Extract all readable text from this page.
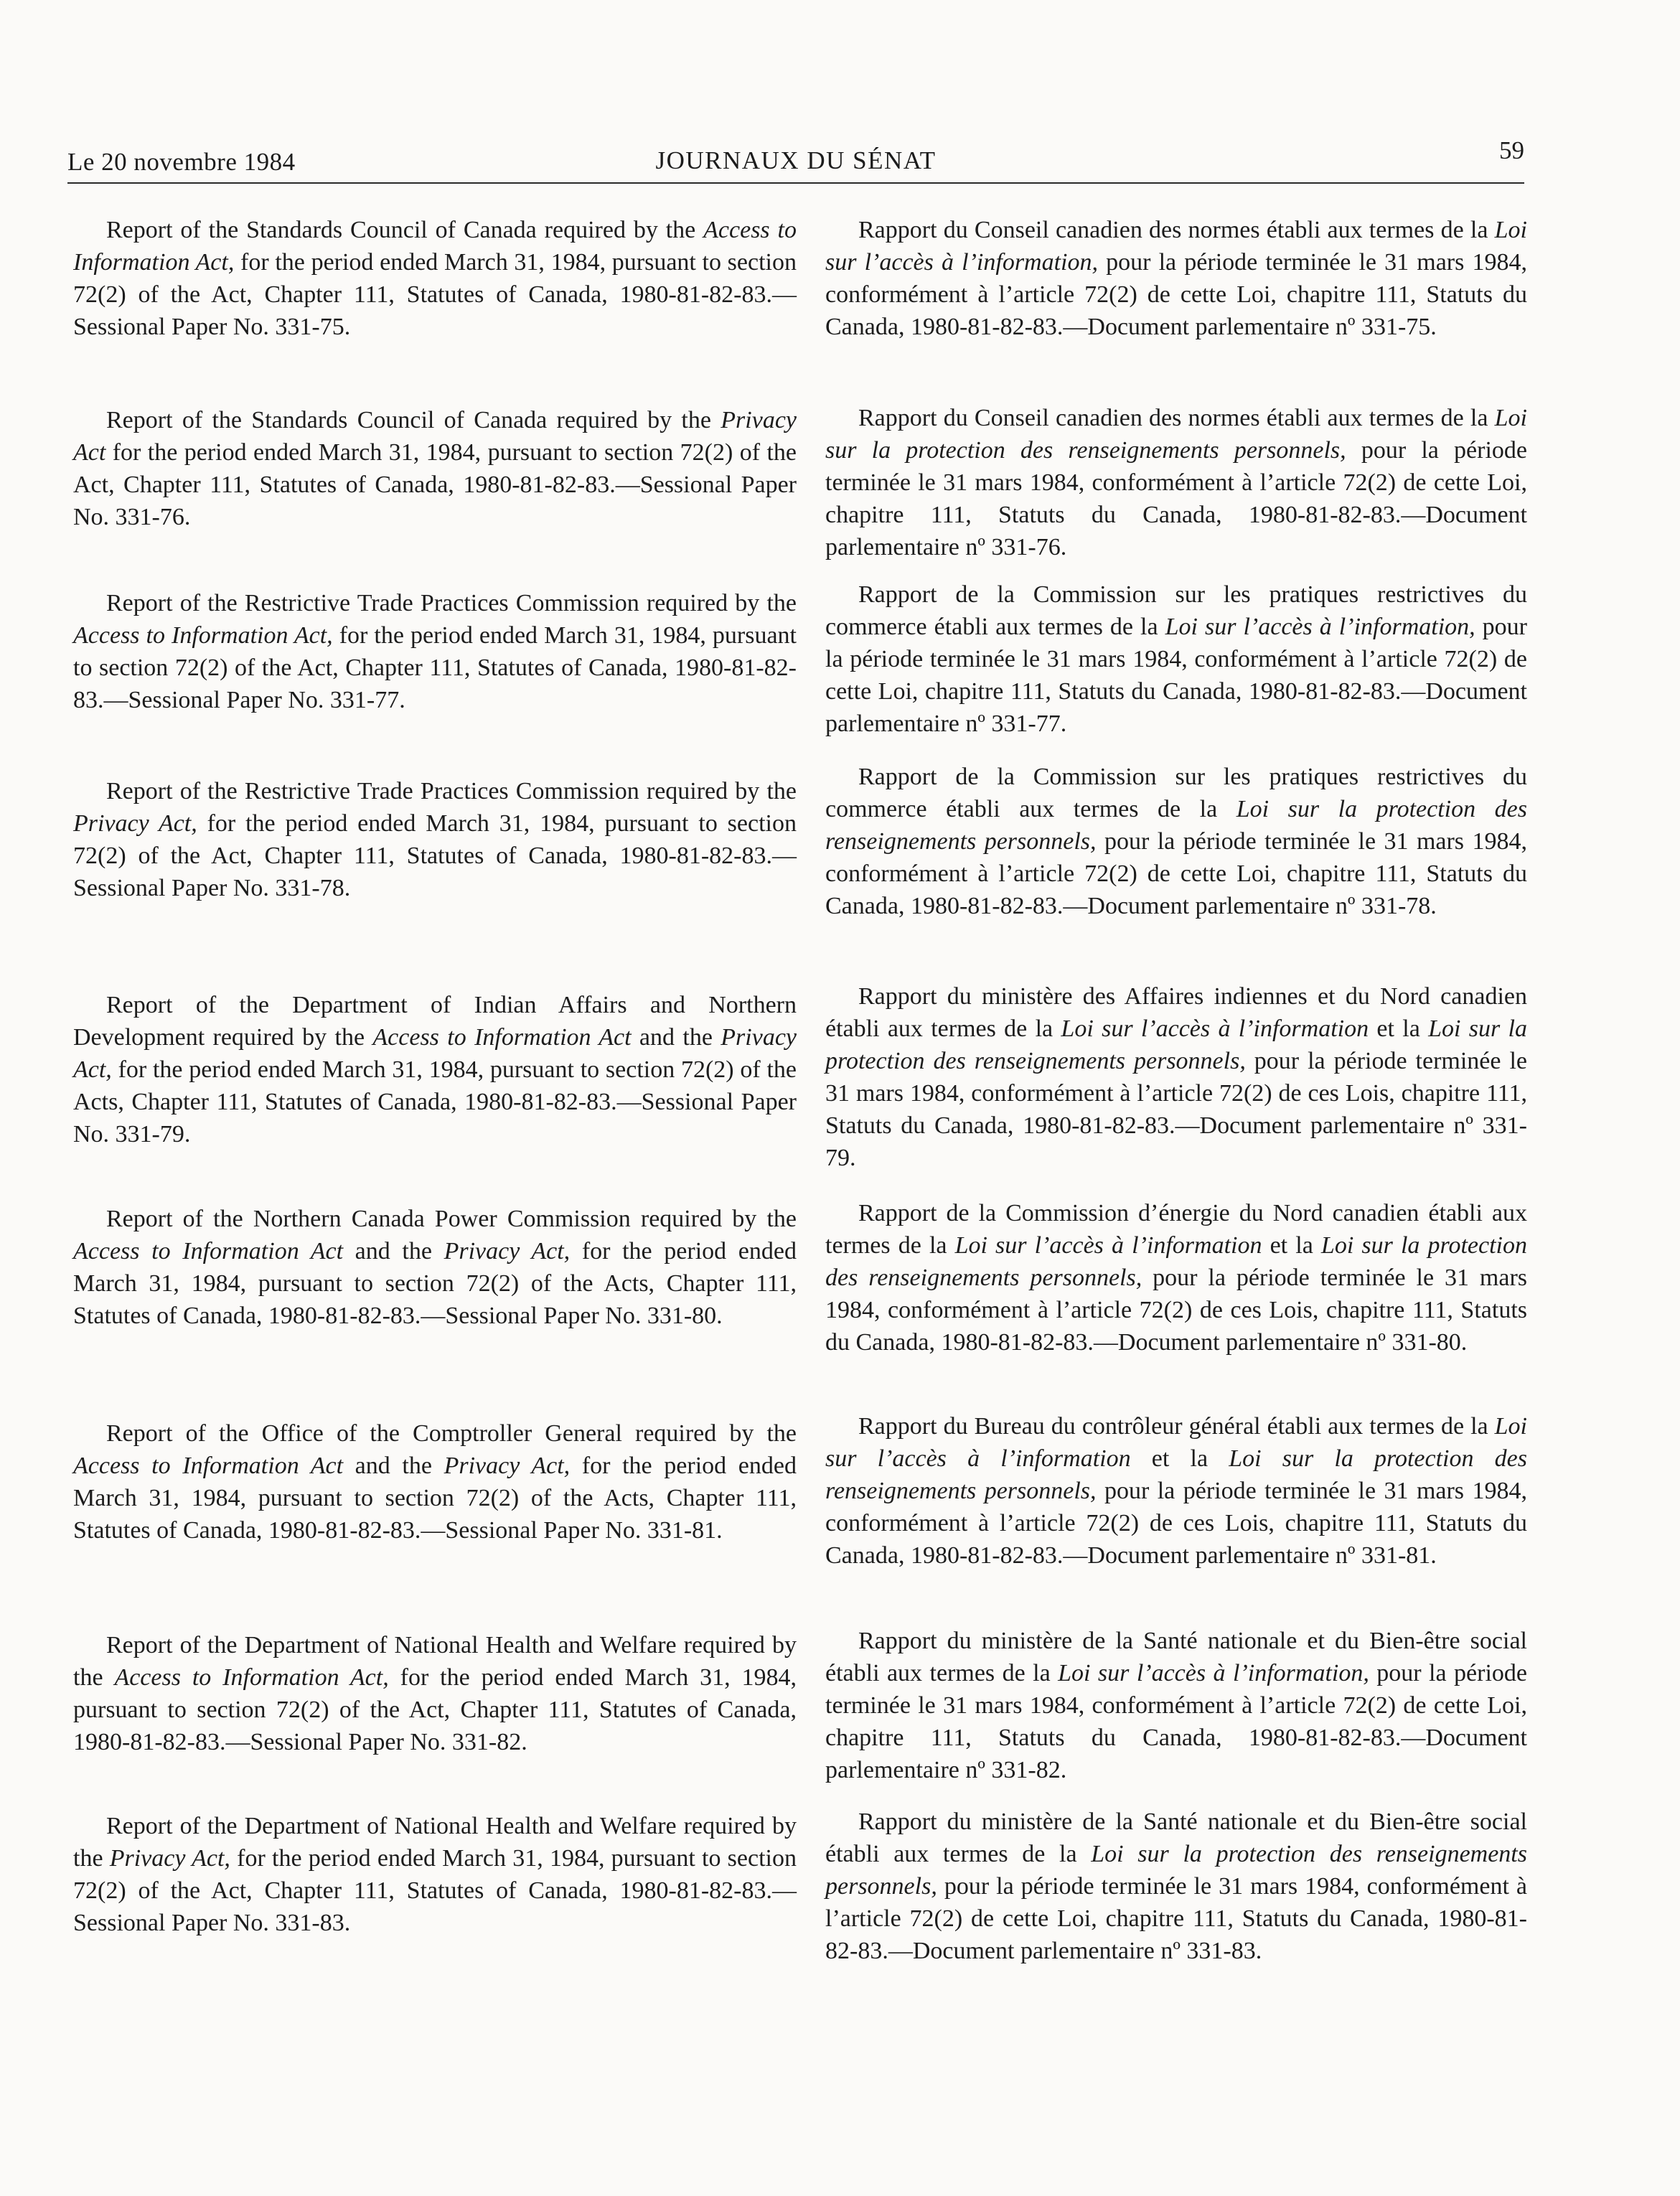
Le 20 novembre 1984	JOURNAUX DU SÉNAT	59

Report of the Standards Council of Canada required by the Access to Information Act, for the period ended March 31, 1984, pursuant to section 72(2) of the Act, Chapter 111, Statutes of Canada, 1980-81-82-83.—Sessional Paper No. 331-75.

Report of the Standards Council of Canada required by the Privacy Act for the period ended March 31, 1984, pursuant to section 72(2) of the Act, Chapter 111, Statutes of Canada, 1980-81-82-83.—Sessional Paper No. 331-76.

Report of the Restrictive Trade Practices Commission required by the Access to Information Act, for the period ended March 31, 1984, pursuant to section 72(2) of the Act, Chapter 111, Statutes of Canada, 1980-81-82-83.—Sessional Paper No. 331-77.

Report of the Restrictive Trade Practices Commission required by the Privacy Act, for the period ended March 31, 1984, pursuant to section 72(2) of the Act, Chapter 111, Statutes of Canada, 1980-81-82-83.—Sessional Paper No. 331-78.

Report of the Department of Indian Affairs and Northern Development required by the Access to Information Act and the Privacy Act, for the period ended March 31, 1984, pursuant to section 72(2) of the Acts, Chapter 111, Statutes of Canada, 1980-81-82-83.—Sessional Paper No. 331-79.

Report of the Northern Canada Power Commission required by the Access to Information Act and the Privacy Act, for the period ended March 31, 1984, pursuant to section 72(2) of the Acts, Chapter 111, Statutes of Canada, 1980-81-82-83.—Sessional Paper No. 331-80.

Report of the Office of the Comptroller General required by the Access to Information Act and the Privacy Act, for the period ended March 31, 1984, pursuant to section 72(2) of the Acts, Chapter 111, Statutes of Canada, 1980-81-82-83.—Sessional Paper No. 331-81.

Report of the Department of National Health and Welfare required by the Access to Information Act, for the period ended March 31, 1984, pursuant to section 72(2) of the Act, Chapter 111, Statutes of Canada, 1980-81-82-83.—Sessional Paper No. 331-82.

Report of the Department of National Health and Welfare required by the Privacy Act, for the period ended March 31, 1984, pursuant to section 72(2) of the Act, Chapter 111, Statutes of Canada, 1980-81-82-83.—Sessional Paper No. 331-83.

Rapport du Conseil canadien des normes établi aux termes de la Loi sur l’accès à l’information, pour la période terminée le 31 mars 1984, conformément à l’article 72(2) de cette Loi, chapitre 111, Statuts du Canada, 1980-81-82-83.—Document parlementaire nº 331-75.

Rapport du Conseil canadien des normes établi aux termes de la Loi sur la protection des renseignements personnels, pour la période terminée le 31 mars 1984, conformément à l’article 72(2) de cette Loi, chapitre 111, Statuts du Canada, 1980-81-82-83.—Document parlementaire nº 331-76.

Rapport de la Commission sur les pratiques restrictives du commerce établi aux termes de la Loi sur l’accès à l’information, pour la période terminée le 31 mars 1984, conformément à l’article 72(2) de cette Loi, chapitre 111, Statuts du Canada, 1980-81-82-83.—Document parlementaire nº 331-77.

Rapport de la Commission sur les pratiques restrictives du commerce établi aux termes de la Loi sur la protection des renseignements personnels, pour la période terminée le 31 mars 1984, conformément à l’article 72(2) de cette Loi, chapitre 111, Statuts du Canada, 1980-81-82-83.—Document parlementaire nº 331-78.

Rapport du ministère des Affaires indiennes et du Nord canadien établi aux termes de la Loi sur l’accès à l’information et la Loi sur la protection des renseignements personnels, pour la période terminée le 31 mars 1984, conformément à l’article 72(2) de ces Lois, chapitre 111, Statuts du Canada, 1980-81-82-83.—Document parlementaire nº 331-79.

Rapport de la Commission d’énergie du Nord canadien établi aux termes de la Loi sur l’accès à l’information et la Loi sur la protection des renseignements personnels, pour la période terminée le 31 mars 1984, conformément à l’article 72(2) de ces Lois, chapitre 111, Statuts du Canada, 1980-81-82-83.—Document parlementaire nº 331-80.

Rapport du Bureau du contrôleur général établi aux termes de la Loi sur l’accès à l’information et la Loi sur la protection des renseignements personnels, pour la période terminée le 31 mars 1984, conformément à l’article 72(2) de ces Lois, chapitre 111, Statuts du Canada, 1980-81-82-83.—Document parlementaire nº 331-81.

Rapport du ministère de la Santé nationale et du Bien-être social établi aux termes de la Loi sur l’accès à l’information, pour la période terminée le 31 mars 1984, conformément à l’article 72(2) de cette Loi, chapitre 111, Statuts du Canada, 1980-81-82-83.—Document parlementaire nº 331-82.

Rapport du ministère de la Santé nationale et du Bien-être social établi aux termes de la Loi sur la protection des renseignements personnels, pour la période terminée le 31 mars 1984, conformément à l’article 72(2) de cette Loi, chapitre 111, Statuts du Canada, 1980-81-82-83.—Document parlementaire nº 331-83.
